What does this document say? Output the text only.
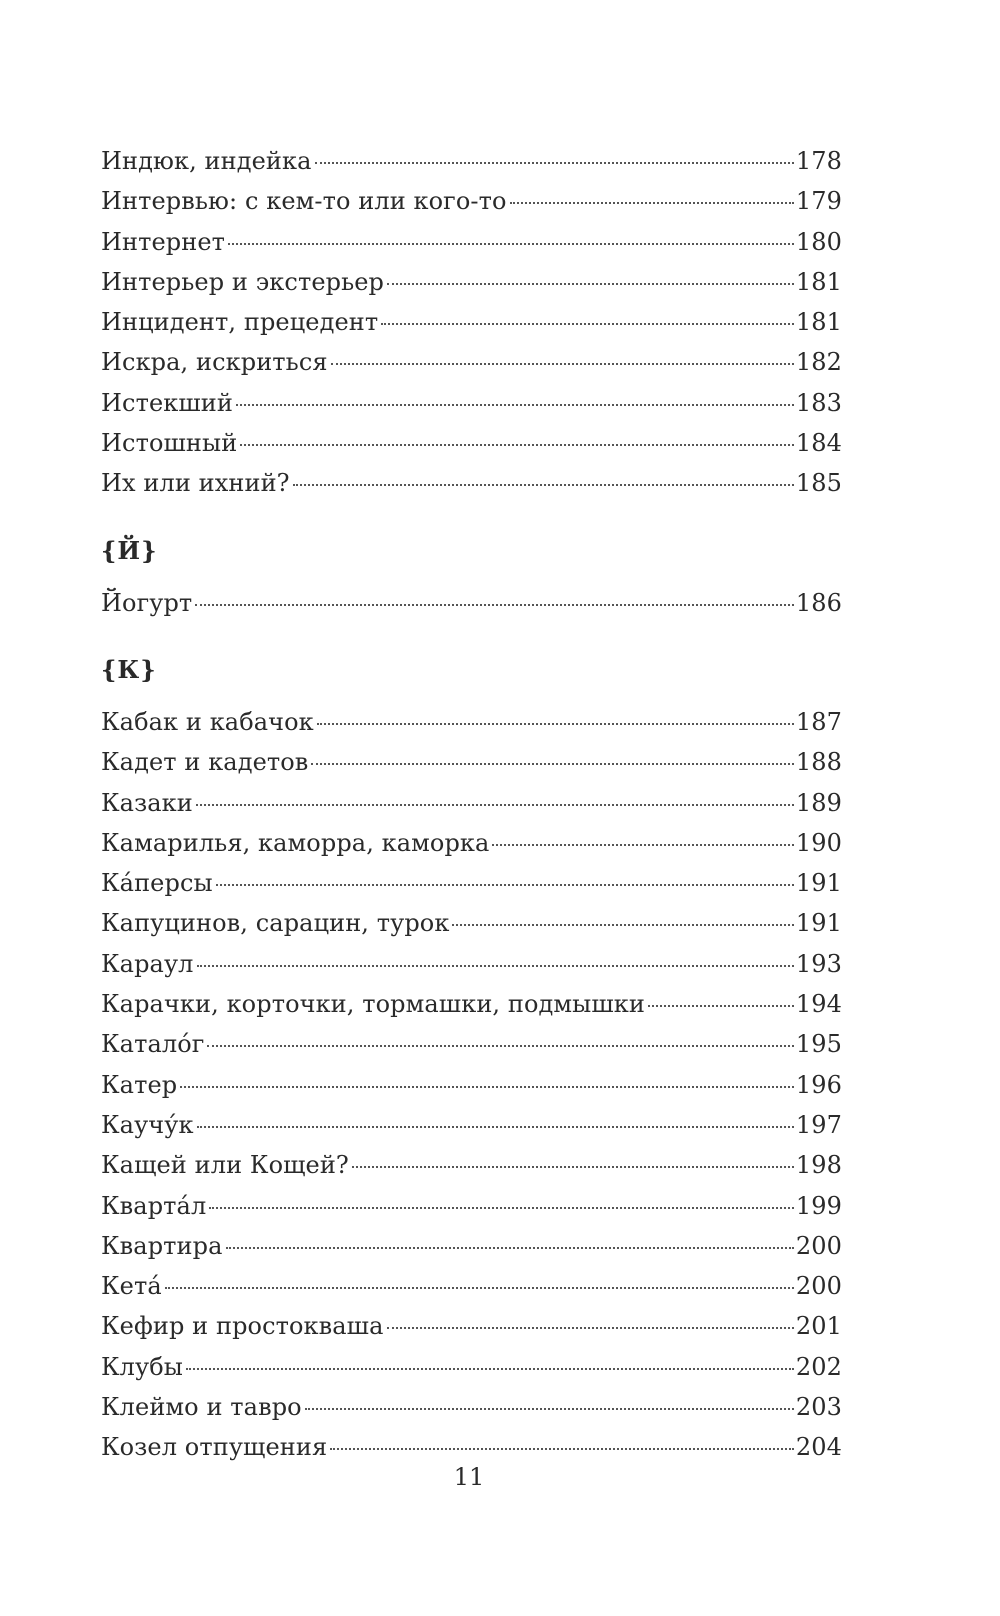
Индюк, индейка	178
Интервью: с кем-то или кого-то	179
Интернет	180
Интерьер и экстерьер	181
Инцидент, прецедент	181
Искра, искриться	182
Истекший	183
Истошный	184
Их или ихний?	185
{Й}
Йогурт	186
{К}
Кабак и кабачок	187
Кадет и кадетов	188
Казаки	189
Камарилья, каморра, каморка	190
Ка́персы	191
Капуцинов, сарацин, турок	191
Караул	193
Карачки, корточки, тормашки, подмышки	194
Катало́г	195
Катер	196
Каучу́к	197
Кащей или Кощей?	198
Кварта́л	199
Квартира	200
Кета́	200
Кефир и простокваша	201
Клубы	202
Клеймо и тавро	203
Козел отпущения	204
11
